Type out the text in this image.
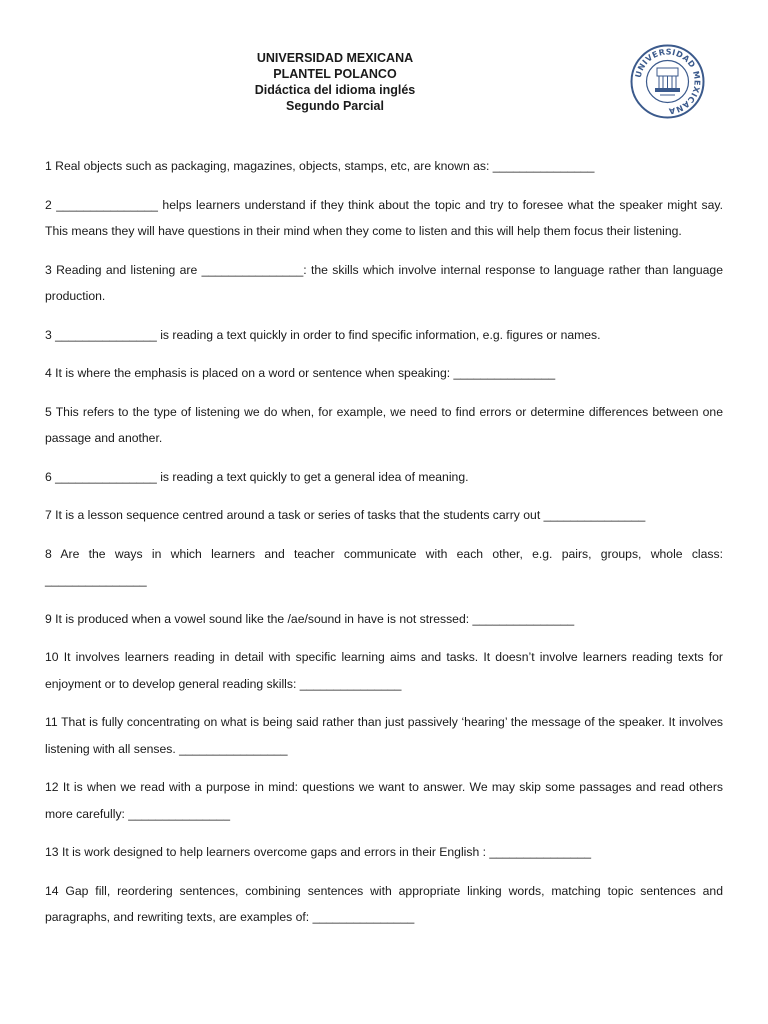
UNIVERSIDAD MEXICANA
PLANTEL POLANCO
Didáctica del idioma inglés
Segundo Parcial
UNIVERSIDAD MEXICANA

1 Real objects such as packaging, magazines, objects, stamps, etc, are known as: _______________

2 _______________ helps learners understand if they think about the topic and try to foresee what the speaker might say. This means they will have questions in their mind when they come to listen and this will help them focus their listening.

3 Reading and listening are _______________: the skills which involve internal response to language rather than language production.

3 _______________ is reading a text quickly in order to find specific information, e.g. figures or names.

4 It is where the emphasis is placed on a word or sentence when speaking: _______________

5 This refers to the type of listening we do when, for example, we need to find errors or determine differences between one passage and another.

6 _______________ is reading a text quickly to get a general idea of meaning.

7 It is a lesson sequence centred around a task or series of tasks that the students carry out _______________

8 Are the ways in which learners and teacher communicate with each other, e.g. pairs, groups, whole class: _______________

9 It is produced when a vowel sound like the /ae/sound in have is not stressed: _______________

10 It involves learners reading in detail with specific learning aims and tasks. It doesn’t involve learners reading texts for enjoyment or to develop general reading skills: _______________

11 That is fully concentrating on what is being said rather than just passively ‘hearing’ the message of the speaker. It involves listening with all senses. ________________

12 It is when we read with a purpose in mind: questions we want to answer. We may skip some passages and read others more carefully: _______________

13 It is work designed to help learners overcome gaps and errors in their English : _______________

14 Gap fill, reordering sentences, combining sentences with appropriate linking words, matching topic sentences and paragraphs, and rewriting texts, are examples of: _______________
